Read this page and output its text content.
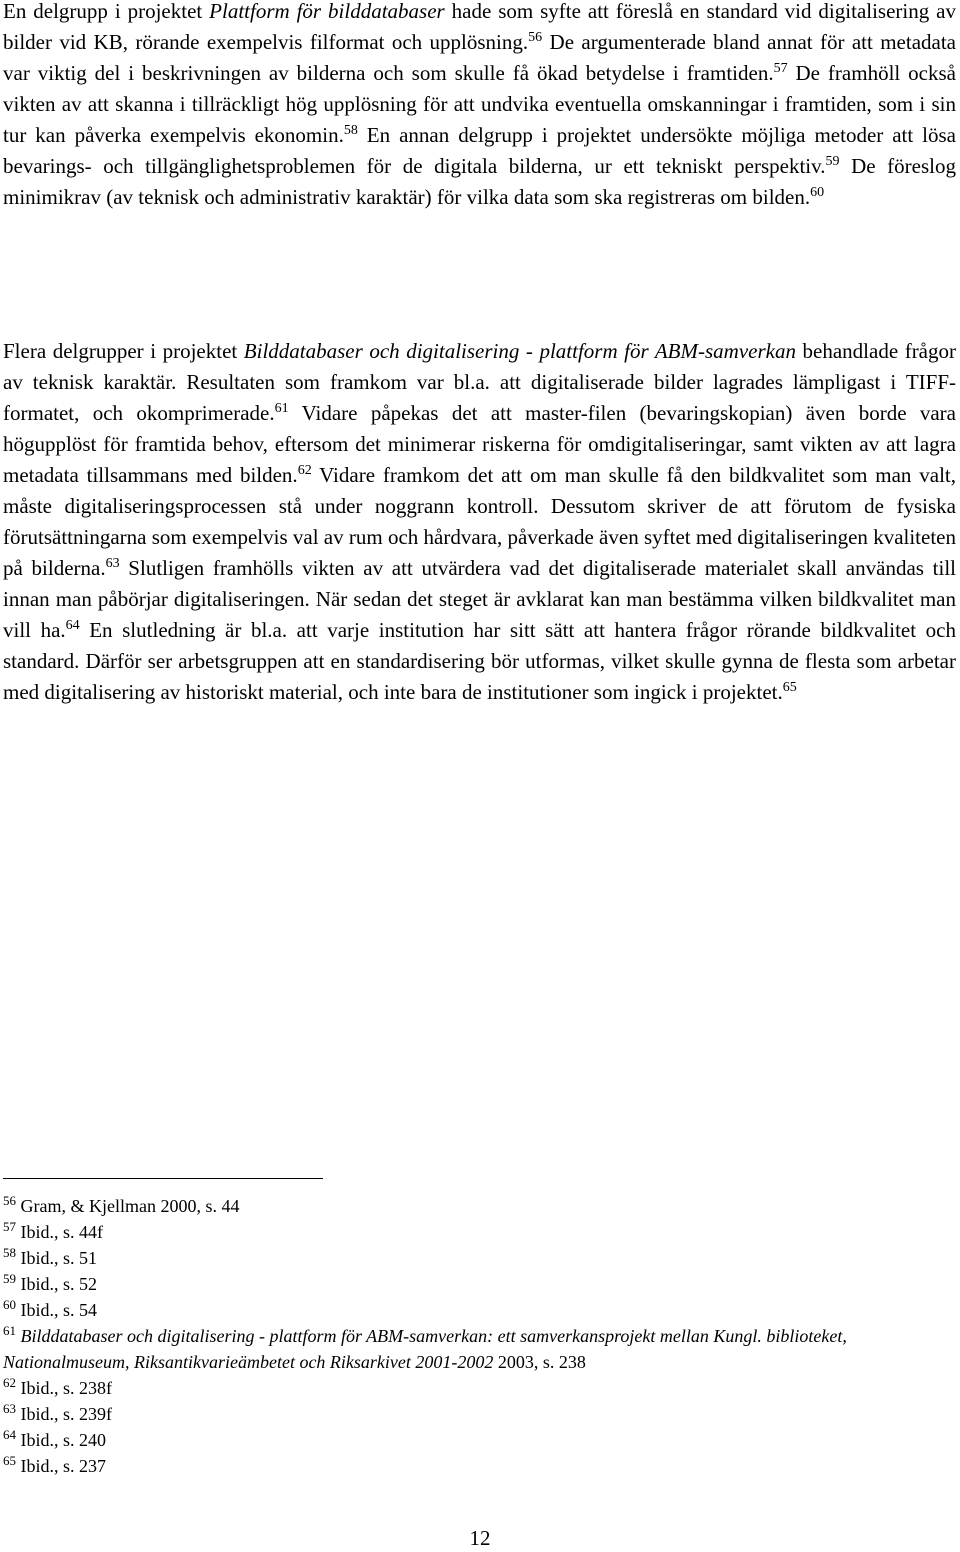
En delgrupp i projektet Plattform för bilddatabaser hade som syfte att föreslå en standard vid digitalisering av bilder vid KB, rörande exempelvis filformat och upplösning.$^{56}$ De argumenterade bland annat för att metadata var viktig del i beskrivningen av bilderna och som skulle få ökad betydelse i framtiden.$^{57}$ De framhöll också vikten av att skanna i tillräckligt hög upplösning för att undvika eventuella omskanningar i framtiden, som i sin tur kan påverka exempelvis ekonomin.$^{58}$ En annan delgrupp i projektet undersökte möjliga metoder att lösa bevarings- och tillgänglighetsproblemen för de digitala bilderna, ur ett tekniskt perspektiv.$^{59}$ De föreslog minimikrav (av teknisk och administrativ karaktär) för vilka data som ska registreras om bilden.$^{60}$

Flera delgrupper i projektet Bilddatabaser och digitalisering - plattform för ABM-samverkan behandlade frågor av teknisk karaktär. Resultaten som framkom var bl.a. att digitaliserade bilder lagrades lämpligast i TIFF-formatet, och okomprimerade.$^{61}$ Vidare påpekas det att master-filen (bevaringskopian) även borde vara högupplöst för framtida behov, eftersom det minimerar riskerna för omdigitaliseringar, samt vikten av att lagra metadata tillsammans med bilden.$^{62}$ Vidare framkom det att om man skulle få den bildkvalitet som man valt, måste digitaliseringsprocessen stå under noggrann kontroll. Dessutom skriver de att förutom de fysiska förutsättningarna som exempelvis val av rum och hårdvara, påverkade även syftet med digitaliseringen kvaliteten på bilderna.$^{63}$ Slutligen framhölls vikten av att utvärdera vad det digitaliserade materialet skall användas till innan man påbörjar digitaliseringen. När sedan det steget är avklarat kan man bestämma vilken bildkvalitet man vill ha.$^{64}$ En slutledning är bl.a. att varje institution har sitt sätt att hantera frågor rörande bildkvalitet och standard. Därför ser arbetsgruppen att en standardisering bör utformas, vilket skulle gynna de flesta som arbetar med digitalisering av historiskt material, och inte bara de institutioner som ingick i projektet.$^{65}$

$^{56}$ Gram, & Kjellman 2000, s. 44

$^{57}$ Ibid., s. 44f

$^{58}$ Ibid., s. 51

$^{59}$ Ibid., s. 52

$^{60}$ Ibid., s. 54

$^{61}$ Bilddatabaser och digitalisering - plattform för ABM-samverkan: ett samverkansprojekt mellan Kungl. biblioteket, Nationalmuseum, Riksantikvarieämbetet och Riksarkivet 2001-2002 2003, s. 238

$^{62}$ Ibid., s. 238f

$^{63}$ Ibid., s. 239f

$^{64}$ Ibid., s. 240

$^{65}$ Ibid., s. 237

12
